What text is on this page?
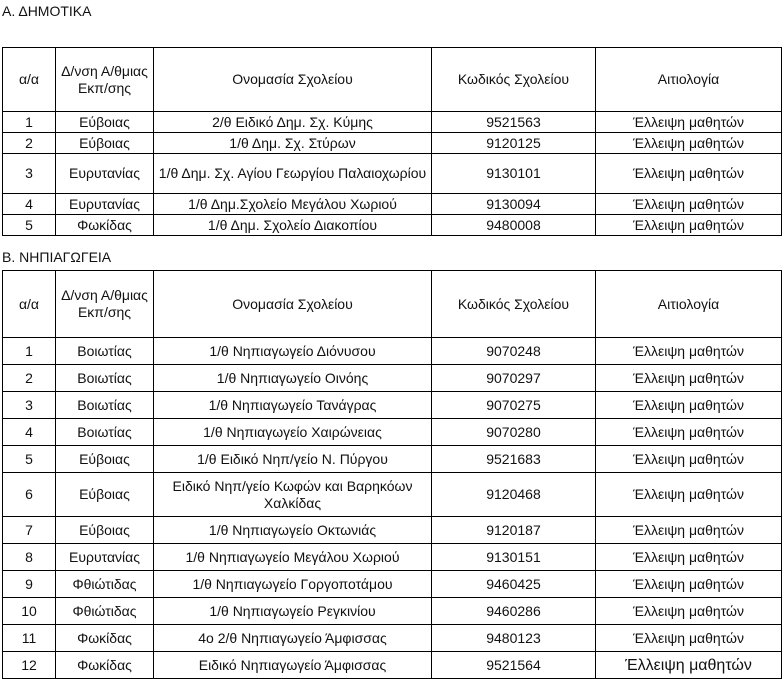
Α. ΔΗΜΟΤΙΚΑ
α/α	Δ/νση Α/θμιας Εκπ/σης	Ονομασία Σχολείου	Κωδικός Σχολείου	Αιτιολογία
1	Εύβοιας	2/θ Ειδικό Δημ. Σχ. Κύμης	9521563	Έλλειψη μαθητών
2	Εύβοιας	1/θ Δημ. Σχ. Στύρων	9120125	Έλλειψη μαθητών
3	Ευρυτανίας	1/θ Δημ. Σχ. Αγίου Γεωργίου Παλαιοχωρίου	9130101	Έλλειψη μαθητών
4	Ευρυτανίας	1/θ Δημ.Σχολείο Μεγάλου Χωριού	9130094	Έλλειψη μαθητών
5	Φωκίδας	1/θ Δημ. Σχολείο Διακοπίου	9480008	Έλλειψη μαθητών
Β. ΝΗΠΙΑΓΩΓΕΙΑ
α/α	Δ/νση Α/θμιας Εκπ/σης	Ονομασία Σχολείου	Κωδικός Σχολείου	Αιτιολογία
1	Βοιωτίας	1/θ Νηπιαγωγείο Διόνυσου	9070248	Έλλειψη μαθητών
2	Βοιωτίας	1/θ Νηπιαγωγείο Οινόης	9070297	Έλλειψη μαθητών
3	Βοιωτίας	1/θ Νηπιαγωγείο Τανάγρας	9070275	Έλλειψη μαθητών
4	Βοιωτίας	1/θ Νηπιαγωγείο Χαιρώνειας	9070280	Έλλειψη μαθητών
5	Εύβοιας	1/θ Ειδικό Νηπ/γείο Ν. Πύργου	9521683	Έλλειψη μαθητών
6	Εύβοιας	Ειδικό Νηπ/γείο Κωφών και Βαρηκόων Χαλκίδας	9120468	Έλλειψη μαθητών
7	Εύβοιας	1/θ Νηπιαγωγείο Οκτωνιάς	9120187	Έλλειψη μαθητών
8	Ευρυτανίας	1/θ Νηπιαγωγείο Μεγάλου Χωριού	9130151	Έλλειψη μαθητών
9	Φθιώτιδας	1/θ Νηπιαγωγείο Γοργοποτάμου	9460425	Έλλειψη μαθητών
10	Φθιώτιδας	1/θ Νηπιαγωγείο Ρεγκινίου	9460286	Έλλειψη μαθητών
11	Φωκίδας	4ο 2/θ Νηπιαγωγείο Άμφισσας	9480123	Έλλειψη μαθητών
12	Φωκίδας	Ειδικό Νηπιαγωγείο Άμφισσας	9521564	Έλλειψη μαθητών
